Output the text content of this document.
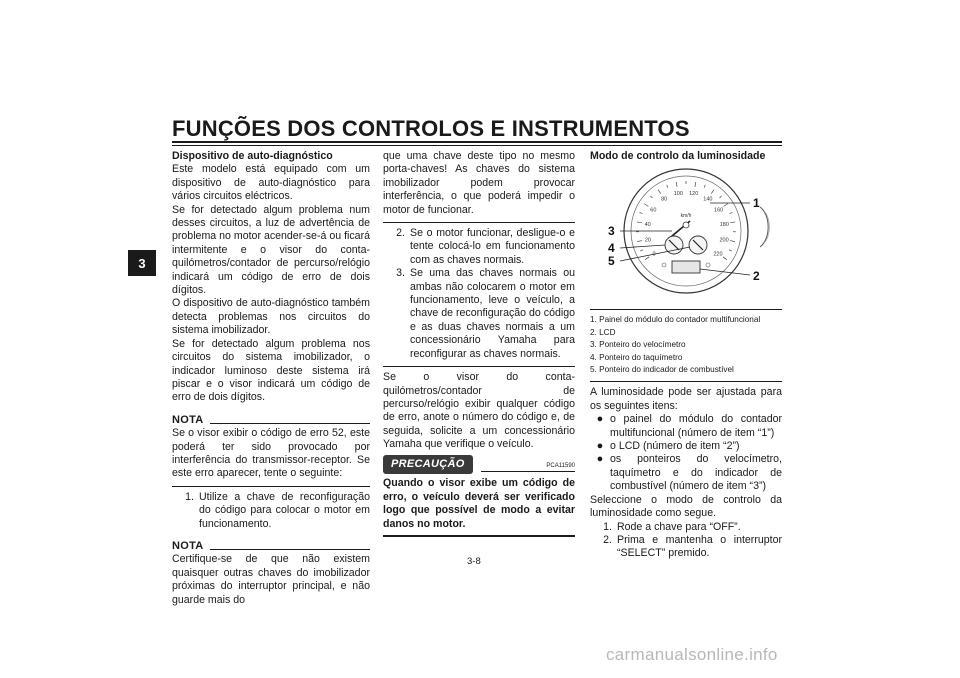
FUNÇÕES DOS CONTROLOS E INSTRUMENTOS
3

Dispositivo de auto-diagnóstico

Este modelo está equipado com um dispositivo de auto-diagnóstico para vários circuitos eléctricos.

Se for detectado algum problema num desses circuitos, a luz de advertência de problema no motor acender-se-á ou ficará intermitente e o visor do conta-quilómetros/contador de percurso/relógio indicará um código de erro de dois dígitos.

O dispositivo de auto-diagnóstico também detecta problemas nos circuitos do sistema imobilizador.

Se for detectado algum problema nos circuitos do sistema imobilizador, o indicador luminoso deste sistema irá piscar e o visor indicará um código de erro de dois dígitos.

NOTA

Se o visor exibir o código de erro 52, este poderá ter sido provocado por interferência do transmissor-receptor. Se este erro aparecer, tente o seguinte:

1. Utilize a chave de reconfiguração do código para colocar o motor em funcionamento.
NOTA

Certifique-se de que não existem quaisquer outras chaves do imobilizador próximas do interruptor principal, e não guarde mais do

que uma chave deste tipo no mesmo porta-chaves! As chaves do sistema imobilizador podem provocar interferência, o que poderá impedir o motor de funcionar.

2. Se o motor funcionar, desligue-o e tente colocá-lo em funcionamento com as chaves normais.
3. Se uma das chaves normais ou ambas não colocarem o motor em funcionamento, leve o veículo, a chave de reconfiguração do código e as duas chaves normais a um concessionário Yamaha para reconfigurar as chaves normais.

Se o visor do conta-quilómetros/contador de percurso/relógio exibir qualquer código de erro, anote o número do código e, de seguida, solicite a um concessionário Yamaha que verifique o veículo.

PRECAUÇÃO	PCA11590

Quando o visor exibe um código de erro, o veículo deverá ser verificado logo que possível de modo a evitar danos no motor.

Modo de controlo da luminosidade

20
40
60
80
100 120
140
160
180
200
220
km/h
1
2
3
4
5
1. Painel do módulo do contador multifuncional
2. LCD
3. Ponteiro do velocímetro
4. Ponteiro do taquímetro
5. Ponteiro do indicador de combustível

A luminosidade pode ser ajustada para os seguintes itens:

● o painel do módulo do contador multifuncional (número de item “1”)
● o LCD (número de item “2”)
● os ponteiros do velocímetro, taquímetro e do indicador de combustível (número de item “3”)

Seleccione o modo de controlo da luminosidade como segue.

1. Rode a chave para “OFF”.
2. Prima e mantenha o interruptor “SELECT” premido.
3-8
carmanualsonline.info
